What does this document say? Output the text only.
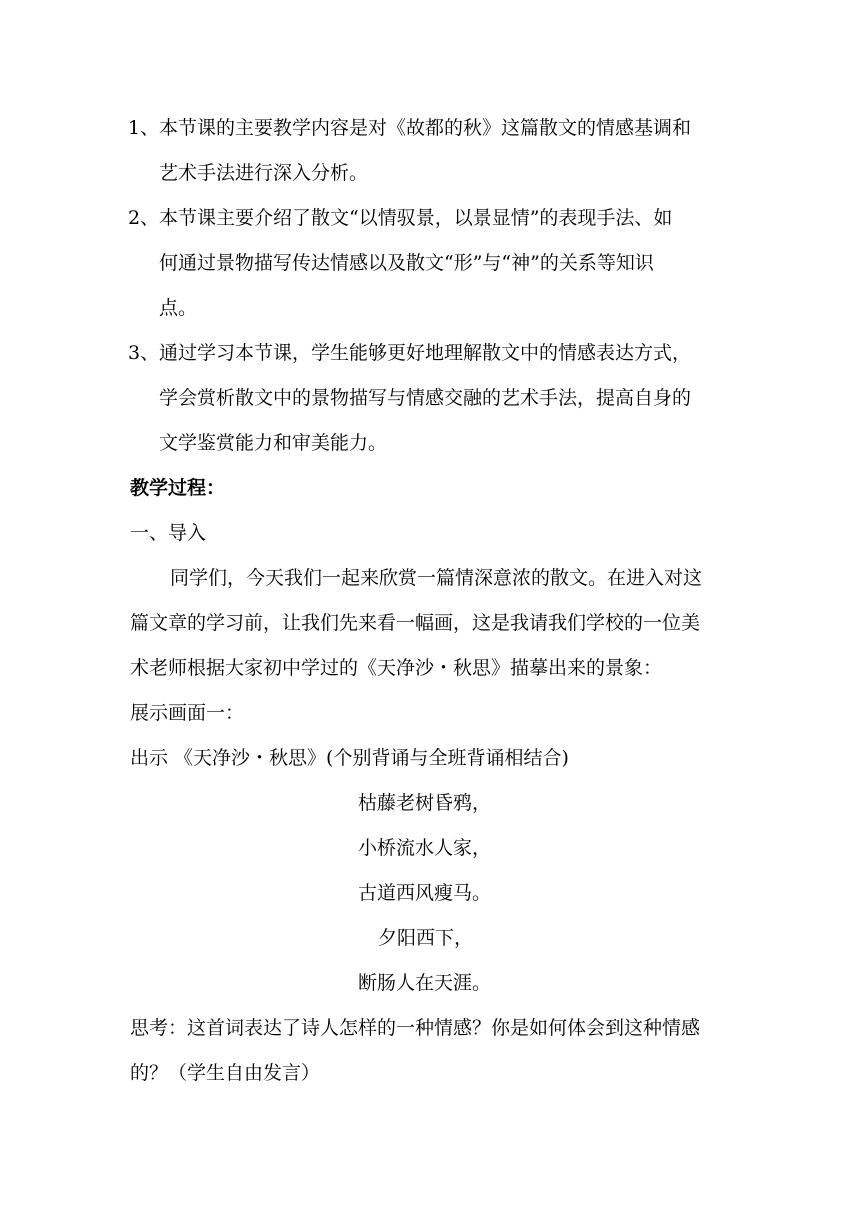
1、 本节课的主要教学内容是对《故都的秋》这篇散文的情感基调和
艺术手法进行深入分析。
2、 本节课主要介绍了散文“以情驭景，以景显情”的表现手法、如
何通过景物描写传达情感以及散文“形”与“神”的关系等知识
点。
3、 通过学习本节课，学生能够更好地理解散文中的情感表达方式，
学会赏析散文中的景物描写与情感交融的艺术手法，提高自身的
文学鉴赏能力和审美能力。
教学过程：
一、导入
同学们，今天我们一起来欣赏一篇情深意浓的散文。在进入对这
篇文章的学习前，让我们先来看一幅画，这是我请我们学校的一位美
术老师根据大家初中学过的《天净沙・秋思》描摹出来的景象：
展示画面一：
出示 《天净沙・秋思》(个别背诵与全班背诵相结合)
枯藤老树昏鸦，
小桥流水人家，
古道西风瘦马。
夕阳西下，
断肠人在天涯。
思考：这首词表达了诗人怎样的一种情感？你是如何体会到这种情感
的？（学生自由发言）
